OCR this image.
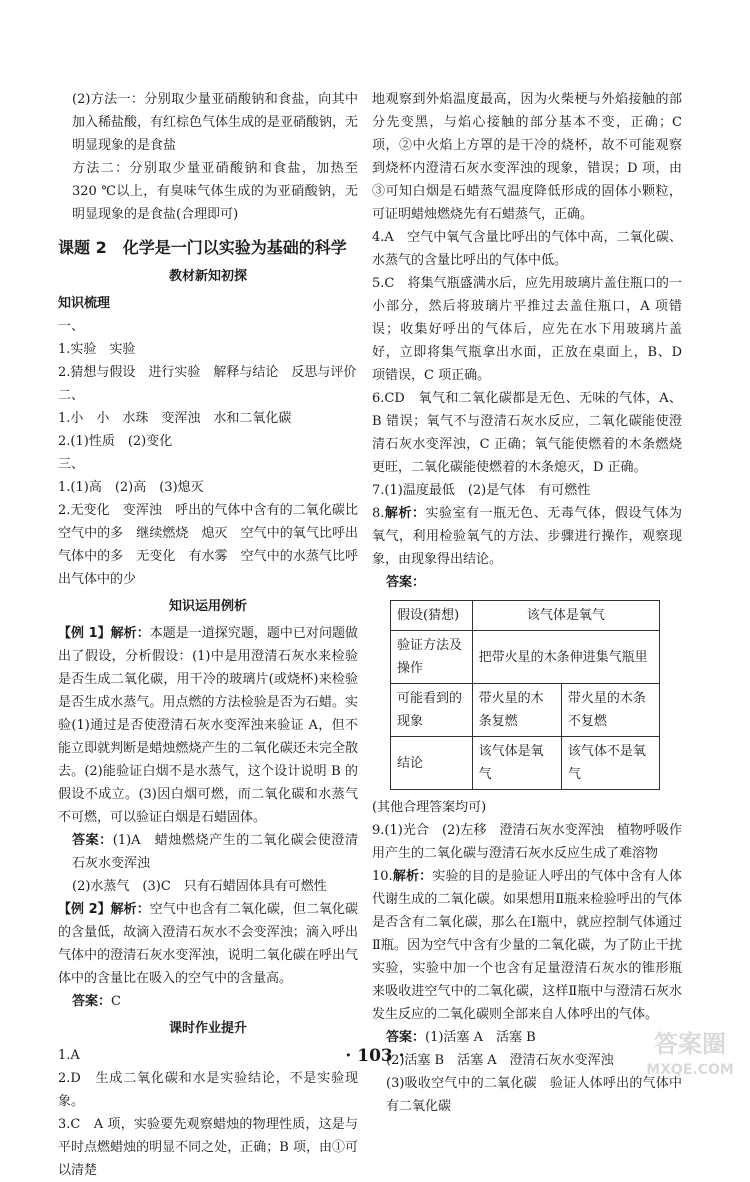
(2)方法一：分别取少量亚硝酸钠和食盐，向其中加入稀盐酸，有红棕色气体生成的是亚硝酸钠，无明显现象的是食盐

方法二：分别取少量亚硝酸钠和食盐，加热至 320 ℃以上，有臭味气体生成的为亚硝酸钠，无明显现象的是食盐(合理即可)

课题 2　化学是一门以实验为基础的科学
教材新知初探
知识梳理

一、

1.实验　实验

2.猜想与假设　进行实验　解释与结论　反思与评价

二、

1.小　小　水珠　变浑浊　水和二氧化碳

2.(1)性质　(2)变化

三、

1.(1)高　(2)高　(3)熄灭

2.无变化　变浑浊　呼出的气体中含有的二氧化碳比空气中的多　继续燃烧　熄灭　空气中的氧气比呼出气体中的多　无变化　有水雾　空气中的水蒸气比呼出气体中的少

知识运用例析

【例 1】解析：本题是一道探究题，题中已对问题做出了假设，分析假设：(1)中是用澄清石灰水来检验是否生成二氧化碳，用干冷的玻璃片(或烧杯)来检验是否生成水蒸气。用点燃的方法检验是否为石蜡。实验(1)通过是否使澄清石灰水变浑浊来验证 A，但不能立即就判断是蜡烛燃烧产生的二氧化碳还未完全散去。(2)能验证白烟不是水蒸气，这个设计说明 B 的假设不成立。(3)因白烟可燃，而二氧化碳和水蒸气不可燃，可以验证白烟是石蜡固体。

答案：(1)A　蜡烛燃烧产生的二氧化碳会使澄清石灰水变浑浊

(2)水蒸气　(3)C　只有石蜡固体具有可燃性

【例 2】解析：空气中也含有二氧化碳，但二氧化碳的含量低，故滴入澄清石灰水不会变浑浊；滴入呼出气体中的澄清石灰水变浑浊，说明二氧化碳在呼出气体中的含量比在吸入的空气中的含量高。

答案：C

课时作业提升

1.A

2.D　生成二氧化碳和水是实验结论，不是实验现象。

3.C　A 项，实验要先观察蜡烛的物理性质，这是与平时点燃蜡烛的明显不同之处，正确；B 项，由①可以清楚

地观察到外焰温度最高，因为火柴梗与外焰接触的部分先变黑，与焰心接触的部分基本不变，正确；C 项，②中火焰上方罩的是干冷的烧杯，故不可能观察到烧杯内澄清石灰水变浑浊的现象，错误；D 项，由③可知白烟是石蜡蒸气温度降低形成的固体小颗粒，可证明蜡烛燃烧先有石蜡蒸气，正确。

4.A　空气中氧气含量比呼出的气体中高，二氧化碳、水蒸气的含量比呼出的气体中低。

5.C　将集气瓶盛满水后，应先用玻璃片盖住瓶口的一小部分，然后将玻璃片平推过去盖住瓶口，A 项错误；收集好呼出的气体后，应先在水下用玻璃片盖好，立即将集气瓶拿出水面，正放在桌面上，B、D 项错误，C 项正确。

6.CD　氧气和二氧化碳都是无色、无味的气体，A、B 错误；氧气不与澄清石灰水反应，二氧化碳能使澄清石灰水变浑浊，C 正确；氧气能使燃着的木条燃烧更旺，二氧化碳能使燃着的木条熄灭，D 正确。

7.(1)温度最低　(2)是气体　有可燃性

8.解析：实验室有一瓶无色、无毒气体，假设气体为氧气，利用检验氧气的方法、步骤进行操作，观察现象，由现象得出结论。

答案：

假设(猜想)	该气体是氧气	
验证方法及操作	把带火星的木条伸进集气瓶里	
可能看到的现象	带火星的木条复燃	带火星的木条不复燃
结论	该气体是氧气	该气体不是氧气

(其他合理答案均可)

9.(1)光合　(2)左移　澄清石灰水变浑浊　植物呼吸作用产生的二氧化碳与澄清石灰水反应生成了难溶物

10.解析：实验的目的是验证人呼出的气体中含有人体代谢生成的二氧化碳。如果想用Ⅱ瓶来检验呼出的气体是否含有二氧化碳，那么在Ⅰ瓶中，就应控制气体通过Ⅱ瓶。因为空气中含有少量的二氧化碳，为了防止干扰实验，实验中加一个也含有足量澄清石灰水的锥形瓶来吸收进空气中的二氧化碳，这样Ⅱ瓶中与澄清石灰水发生反应的二氧化碳则全部来自人体呼出的气体。

答案：(1)活塞 A　活塞 B

(2)活塞 B　活塞 A　澄清石灰水变浑浊

(3)吸收空气中的二氧化碳　验证人体呼出的气体中有二氧化碳

· 103 ·	答案圈
MXQE.COM
